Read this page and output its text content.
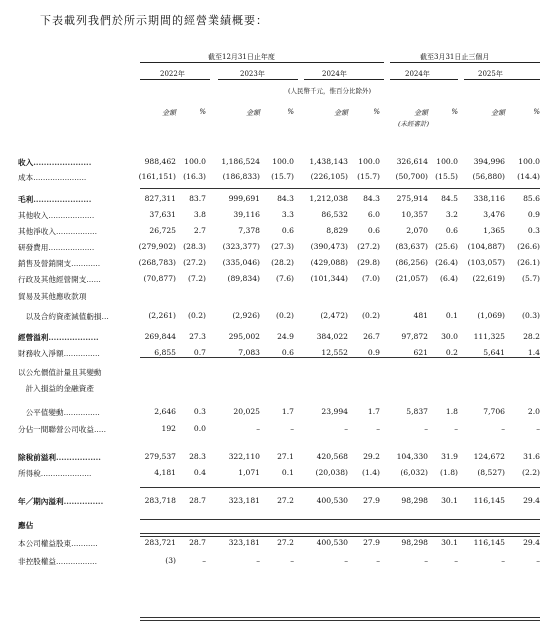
下表載列我們於所示期間的經營業績概要：
截至12月31日止年度	截至3月31日止三個月
2022年	2023年	2024年	2024年	2025年
(人民幣千元，惟百分比除外)
金額	%	金額	%	金額	%	金額	%	金額	%
(未經審計)
收入......................	988,462	100.0	1,186,524	100.0	1,438,143	100.0	326,614	100.0	394,996	100.0
成本......................	(161,151) (16.3)	(186,833)	(15.7)	(226,105)	(15.7)	(50,700) (15.5)	(56,880)	(14.4)
毛利......................	827,311	83.7	999,691	84.3	1,212,038	84.3	275,914	84.5	338,116	85.6
其他收入...................	37,631	3.8	39,116	3.3	86,532	6.0	10,357	3.2	3,476	0.9
其他淨收入.................	26,725	2.7	7,378	0.6	8,829	0.6	2,070	0.6	1,365	0.3
研發費用...................	(279,902) (28.3)	(323,377)	(27.3)	(390,473)	(27.2)	(83,637) (25.6)	(104,887)	(26.6)
銷售及營銷開支............	(268,783) (27.2)	(335,046)	(28.2)	(429,088)	(29.8)	(86,256) (26.4)	(103,057)	(26.1)
行政及其他經營開支......	(70,877)	(7.2)	(89,834)	(7.6)	(101,344)	(7.0)	(21,057)	(6.4)	(22,619)	(5.7)
貿易及其他應收款項
　以及合約資產減值虧損...	(2,261)	(0.2)	(2,926)	(0.2)	(2,472)	(0.2)	481	0.1	(1,069)	(0.3)
經營溢利...................	269,844	27.3	295,002	24.9	384,022	26.7	97,872	30.0	111,325	28.2
財務收入淨額...............	6,855	0.7	7,083	0.6	12,552	0.9	621	0.2	5,641	1.4
以公允價值計量且其變動
　計入損益的金融資產
　公平值變動...............	2,646	0.3	20,025	1.7	23,994	1.7	5,837	1.8	7,706	2.0
分佔一間聯營公司收益.....	192	0.0	–	–	–	–	–	–	–	–
除稅前溢利.................	279,537	28.3	322,110	27.1	420,568	29.2	104,330	31.9	124,672	31.6
所得稅.....................	4,181	0.4	1,071	0.1	(20,038)	(1.4)	(6,032)	(1.8)	(8,527)	(2.2)
年／期內溢利...............	283,718	28.7	323,181	27.2	400,530	27.9	98,298	30.1	116,145	29.4
應佔
本公司權益股東...........	283,721	28.7	323,181	27.2	400,530	27.9	98,298	30.1	116,145	29.4
非控股權益.................	(3)	–	–	–	–	–	–	–	–	–
